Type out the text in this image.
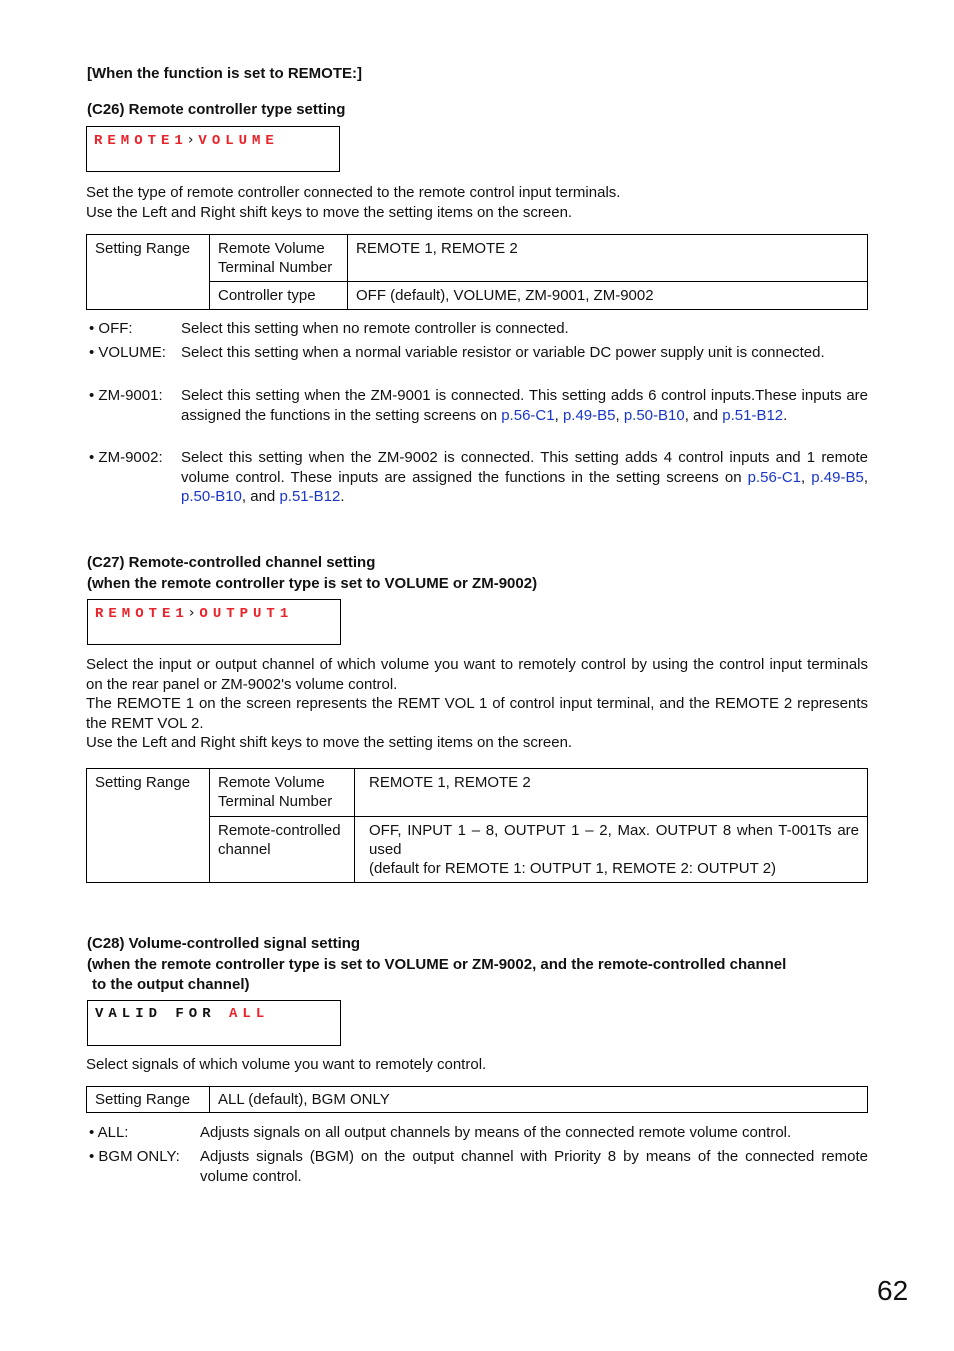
[When the function is set to REMOTE:]
(C26) Remote controller type setting
REMOTE1›VOLUME
Set the type of remote controller connected to the remote control input terminals.
Use the Left and Right shift keys to move the setting items on the screen.
Setting Range	Remote Volume Terminal Number	REMOTE 1, REMOTE 2
	Controller type	OFF (default), VOLUME, ZM-9001, ZM-9002
• OFF:	Select this setting when no remote controller is connected.
• VOLUME: Select this setting when a normal variable resistor or variable DC power supply unit is connected.
• ZM-9001: Select this setting when the ZM-9001 is connected. This setting adds 6 control inputs.These inputs are assigned the functions in the setting screens on p.56-C1, p.49-B5, p.50-B10, and p.51-B12.
• ZM-9002: Select this setting when the ZM-9002 is connected. This setting adds 4 control inputs and 1 remote volume control. These inputs are assigned the functions in the setting screens on p.56-C1, p.49-B5, p.50-B10, and p.51-B12.
(C27) Remote-controlled channel setting
(when the remote controller type is set to VOLUME or ZM-9002)
REMOTE1›OUTPUT1
Select the input or output channel of which volume you want to remotely control by using the control input terminals on the rear panel or ZM-9002's volume control.
The REMOTE 1 on the screen represents the REMT VOL 1 of control input terminal, and the REMOTE 2 represents the REMT VOL 2.
Use the Left and Right shift keys to move the setting items on the screen.
Setting Range	Remote Volume Terminal Number	REMOTE 1, REMOTE 2
	Remote-controlled channel	OFF, INPUT 1 – 8, OUTPUT 1 – 2, Max. OUTPUT 8 when T-001Ts are used
(default for REMOTE 1: OUTPUT 1, REMOTE 2: OUTPUT 2)
(C28) Volume-controlled signal setting
(when the remote controller type is set to VOLUME or ZM-9002, and the remote-controlled channel
to the output channel)
VALID FOR ALL
Select signals of which volume you want to remotely control.
Setting Range	ALL (default), BGM ONLY
• ALL:	Adjusts signals on all output channels by means of the connected remote volume control.
• BGM ONLY: Adjusts signals (BGM) on the output channel with Priority 8 by means of the connected remote volume control.
62
